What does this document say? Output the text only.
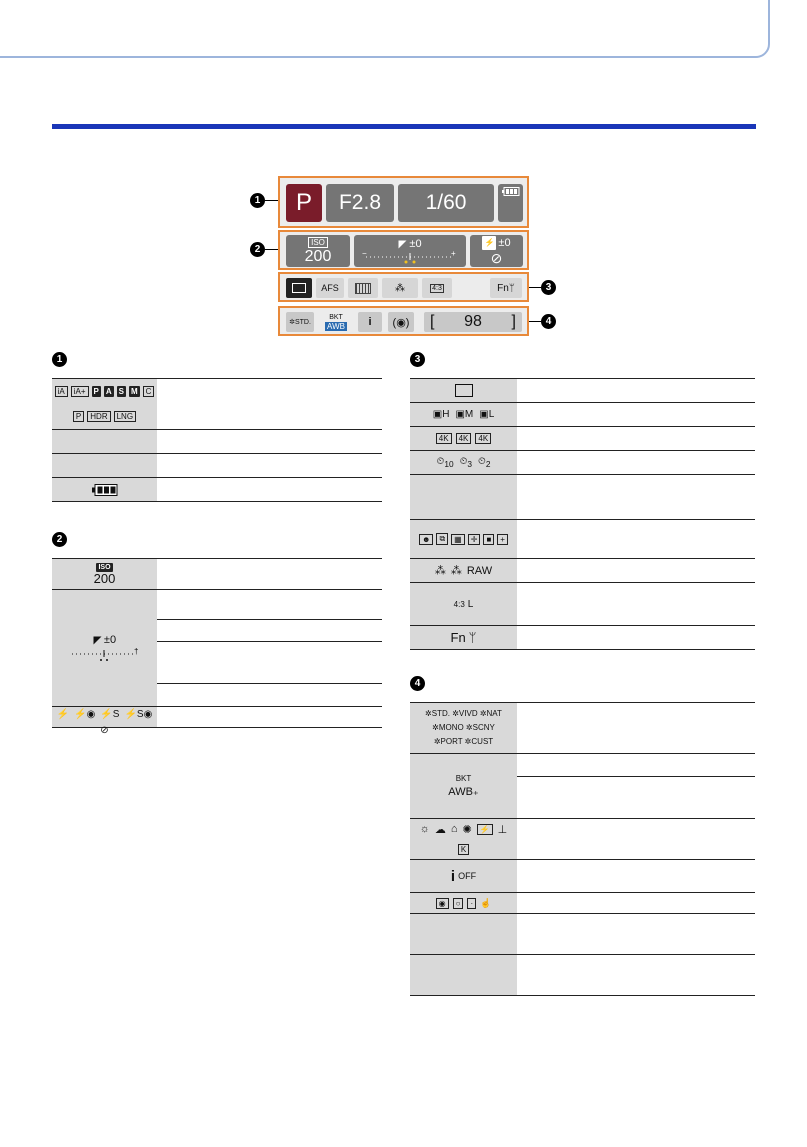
P	F2.8	1/60
ISO
200
±0
−	+
⚡ ±0
⊘
AFS	⁂	4:3	Fn ᛘ
✲ STD.
BKT
AWB	i	(◉) [ 98 ]
1
2
3
4
1
iA	iA+	P A S M	C
P	HDR	LNG
2
ISO
200
±0
†
⚡ ⚡◉ ⚡S ⚡S◉
⊘
3
▣H ▣M ▣L
4K	4K	4K
$⏲_{10}$ $⏲_3$ $⏲_2$
☻	⧉	▦	✛	■	+
⁂ ⁂ RAW
4:3 L
Fn ᛘ
4
✲STD. ✲VIVD ✲NAT
✲MONO ✲SCNY
✲PORT ✲CUST
BKT
AWB₊
☼ ☁ ⌂ ✺	⚡ ⊥
K
i OFF
◉	○	· ☝
